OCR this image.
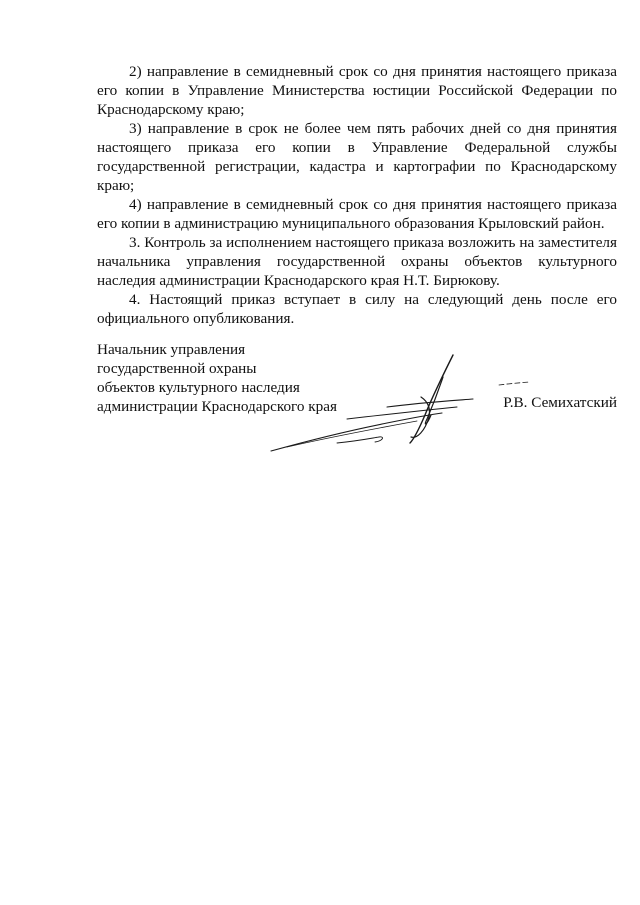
2) направление в семидневный срок со дня принятия настоящего приказа его копии в Управление Министерства юстиции Российской Федерации по Краснодарскому краю;

3) направление в срок не более чем пять рабочих дней со дня принятия настоящего приказа его копии в Управление Федеральной службы государственной регистрации, кадастра и картографии по Краснодарскому краю;

4) направление в семидневный срок со дня принятия настоящего приказа его копии в администрацию муниципального образования Крыловский район.

3. Контроль за исполнением настоящего приказа возложить на заместителя начальника управления государственной охраны объектов культурного наследия администрации Краснодарского края Н.Т. Бирюкову.

4. Настоящий приказ вступает в силу на следующий день после его официального опубликования.

Начальник управления
государственной охраны
объектов культурного наследия
администрации Краснодарского края	Р.В. Семихатский
